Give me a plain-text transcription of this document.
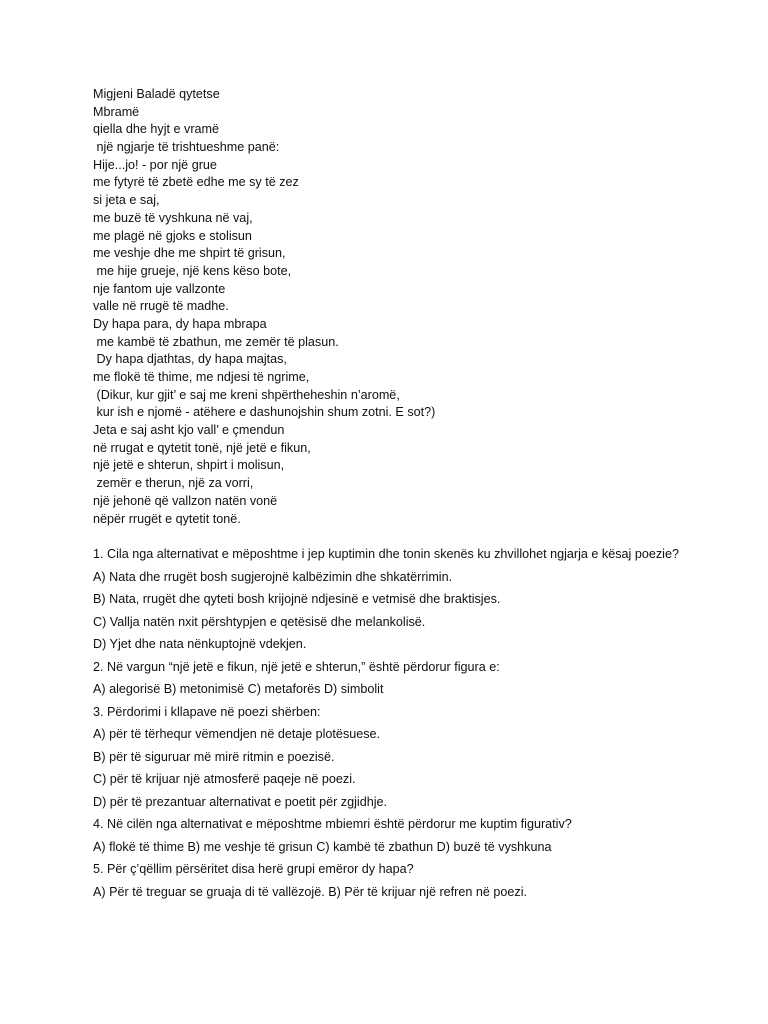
Migjeni Baladë qytetse
Mbramë
qiella dhe hyjt e vramë
një ngjarje të trishtueshme panë:
Hije...jo! - por një grue
me fytyrë të zbetë edhe me sy të zez
si jeta e saj,
me buzë të vyshkuna në vaj,
me plagë në gjoks e stolisun
me veshje dhe me shpirt të grisun,
me hije grueje, një kens këso bote,
nje fantom uje vallzonte
valle në rrugë të madhe.
Dy hapa para, dy hapa mbrapa
me kambë të zbathun, me zemër të plasun.
Dy hapa djathtas, dy hapa majtas,
me flokë të thime, me ndjesi të ngrime,
(Dikur, kur gjit’ e saj me kreni shpërtheheshin n’aromë,
kur ish e njomë - atëhere e dashunojshin shum zotni. E sot?)
Jeta e saj asht kjo vall’ e çmendun
në rrugat e qytetit tonë, një jetë e fikun,
një jetë e shterun, shpirt i molisun,
zemër e therun, një za vorri,
një jehonë që vallzon natën vonë
nëpër rrugët e qytetit tonë.
1. Cila nga alternativat e mëposhtme i jep kuptimin dhe tonin skenës ku zhvillohet ngjarja e kësaj poezie?
A) Nata dhe rrugët bosh sugjerojnë kalbëzimin dhe shkatërrimin.
B) Nata, rrugët dhe qyteti bosh krijojnë ndjesinë e vetmisë dhe braktisjes.
C) Vallja natën nxit përshtypjen e qetësisë dhe melankolisë.
D) Yjet dhe nata nënkuptojnë vdekjen.
2. Në vargun “një jetë e fikun, një jetë e shterun,” është përdorur figura e:
A) alegorisë B) metonimisë C) metaforës D) simbolit
3. Përdorimi i kllapave në poezi shërben:
A) për të tërhequr vëmendjen në detaje plotësuese.
B) për të siguruar më mirë ritmin e poezisë.
C) për të krijuar një atmosferë paqeje në poezi.
D) për të prezantuar alternativat e poetit për zgjidhje.
4. Në cilën nga alternativat e mëposhtme mbiemri është përdorur me kuptim figurativ?
A) flokë të thime B) me veshje të grisun C) kambë të zbathun D) buzë të vyshkuna
5. Për ç’qëllim përsëritet disa herë grupi emëror dy hapa?
A) Për të treguar se gruaja di të vallëzojë. B) Për të krijuar një refren në poezi.
